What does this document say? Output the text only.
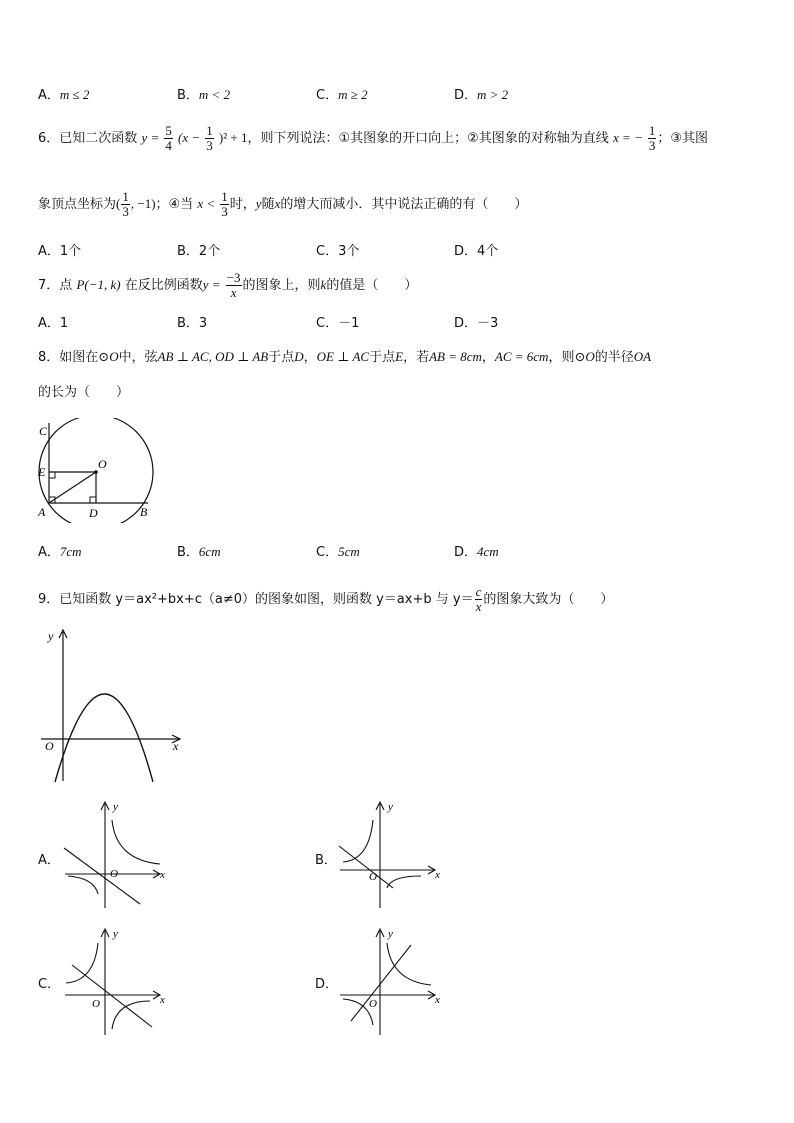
A．m ≤ 2	B．m < 2	C．m ≥ 2	D．m > 2
6．已知二次函数 $y = \frac{5}{4} (x - \frac{1}{3} )^2 + 1$，则下列说法：①其图象的开口向上；②其图象的对称轴为直线 x = − $\frac{1}{3}$ ；③其图
象顶点坐标为( $\frac{1}{3}$ , −1)；④当 $x < \frac{1}{3}$ 时，y随x的增大而减小．其中说法正确的有（　　）
A．1个	B．2个	C．3个	D．4个
7．点 P(−1, k) 在反比例函数$y = \frac{-3}{x}$ 的图象上，则k的值是（　　）
A．1	B．3	C．－1	D．－3
8．如图在⊙O中，弦AB ⊥ AC, OD ⊥ AB于点D，OE ⊥ AC于点E，若AB = 8cm，AC = 6cm，则⊙O的半径OA
的长为（　　）
C
E
O
A	D	B
A．7cm	B．6cm	C．5cm	D．4cm
9．已知函数 y＝ax²+bx+c（a≠0）的图象如图，则函数 y＝ax+b 与 $y= \frac{c}{x}$ 的图象大致为（　　）
y
x
O
A．
y
x
O
B．
y
x
O
C．
y
x
O
D．
y
x
O
